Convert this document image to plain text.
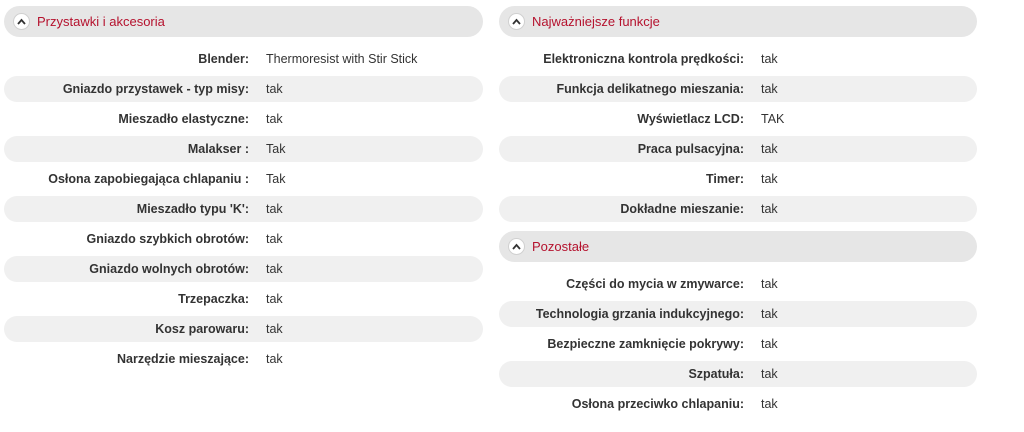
Przystawki i akcesoria
Blender: Thermoresist with Stir Stick
Gniazdo przystawek - typ misy: tak
Mieszadło elastyczne: tak
Malakser : Tak
Osłona zapobiegająca chlapaniu : Tak
Mieszadło typu 'K': tak
Gniazdo szybkich obrotów: tak
Gniazdo wolnych obrotów: tak
Trzepaczka: tak
Kosz parowaru: tak
Narzędzie mieszające: tak
Najważniejsze funkcje
Elektroniczna kontrola prędkości: tak
Funkcja delikatnego mieszania: tak
Wyświetlacz LCD: TAK
Praca pulsacyjna: tak
Timer: tak
Dokładne mieszanie: tak
Pozostałe
Części do mycia w zmywarce: tak
Technologia grzania indukcyjnego: tak
Bezpieczne zamknięcie pokrywy: tak
Szpatuła: tak
Osłona przeciwko chlapaniu: tak
